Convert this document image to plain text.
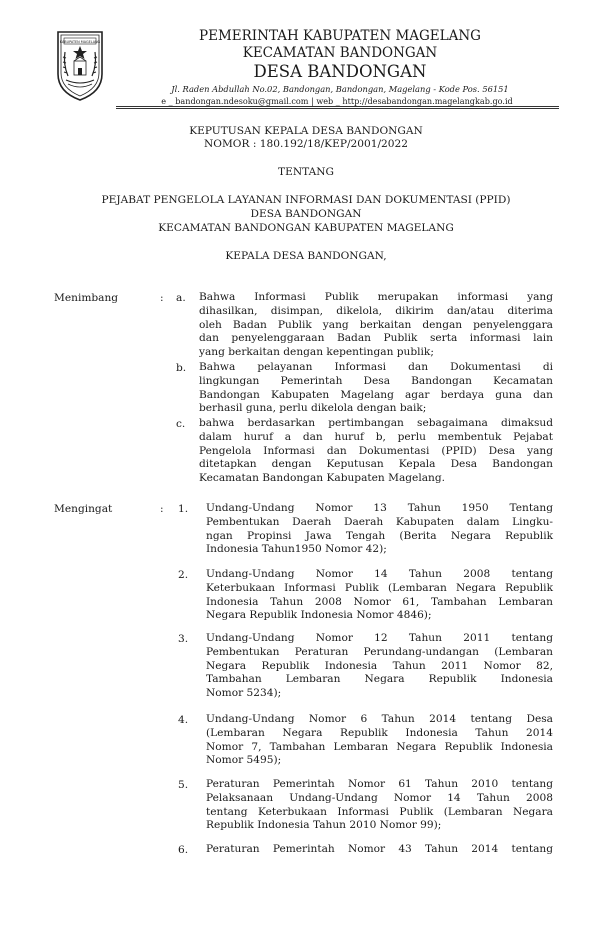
KABUPATEN MAGELANG	PEMERINTAH KABUPATEN MAGELANG
KECAMATAN BANDONGAN
DESA BANDONGAN
Jl. Raden Abdullah No.02, Bandongan, Bandongan, Magelang - Kode Pos. 56151
e _ bandongan.ndesoku@gmail.com | web _ http://desabandongan.magelangkab.go.id
KEPUTUSAN KEPALA DESA BANDONGAN
NOMOR : 180.192/18/KEP/2001/2022
TENTANG
PEJABAT PENGELOLA LAYANAN INFORMASI DAN DOKUMENTASI (PPID)
DESA BANDONGAN
KECAMATAN BANDONGAN KABUPATEN MAGELANG
KEPALA DESA BANDONGAN,
Menimbang	: a. Bahwa Informasi Publik merupakan informasi yang
dihasilkan, disimpan, dikelola, dikirim dan/atau diterima
oleh Badan Publik yang berkaitan dengan penyelenggara
dan penyelenggaraan Badan Publik serta informasi lain
yang berkaitan dengan kepentingan publik;
b. Bahwa pelayanan Informasi dan Dokumentasi di
lingkungan Pemerintah Desa Bandongan Kecamatan
Bandongan Kabupaten Magelang agar berdaya guna dan
berhasil guna, perlu dikelola dengan baik;
c. bahwa berdasarkan pertimbangan sebagaimana dimaksud
dalam huruf a dan huruf b, perlu membentuk Pejabat
Pengelola Informasi dan Dokumentasi (PPID) Desa yang
ditetapkan dengan Keputusan Kepala Desa Bandongan
Kecamatan Bandongan Kabupaten Magelang.
Mengingat	: 1. Undang-Undang Nomor 13 Tahun 1950 Tentang
Pembentukan Daerah Daerah Kabupaten dalam Lingku-
ngan Propinsi Jawa Tengah (Berita Negara Republik
Indonesia Tahun1950 Nomor 42);
2. Undang-Undang Nomor 14 Tahun 2008 tentang
Keterbukaan Informasi Publik (Lembaran Negara Republik
Indonesia Tahun 2008 Nomor 61, Tambahan Lembaran
Negara Republik Indonesia Nomor 4846);
3. Undang-Undang Nomor 12 Tahun 2011 tentang
Pembentukan Peraturan Perundang-undangan (Lembaran
Negara Republik Indonesia Tahun 2011 Nomor 82,
Tambahan Lembaran Negara Republik Indonesia
Nomor 5234);
4. Undang-Undang Nomor 6 Tahun 2014 tentang Desa
(Lembaran Negara Republik Indonesia Tahun 2014
Nomor 7, Tambahan Lembaran Negara Republik Indonesia
Nomor 5495);
5. Peraturan Pemerintah Nomor 61 Tahun 2010 tentang
Pelaksanaan Undang-Undang Nomor 14 Tahun 2008
tentang Keterbukaan Informasi Publik (Lembaran Negara
Republik Indonesia Tahun 2010 Nomor 99);
6. Peraturan Pemerintah Nomor 43 Tahun 2014 tentang
